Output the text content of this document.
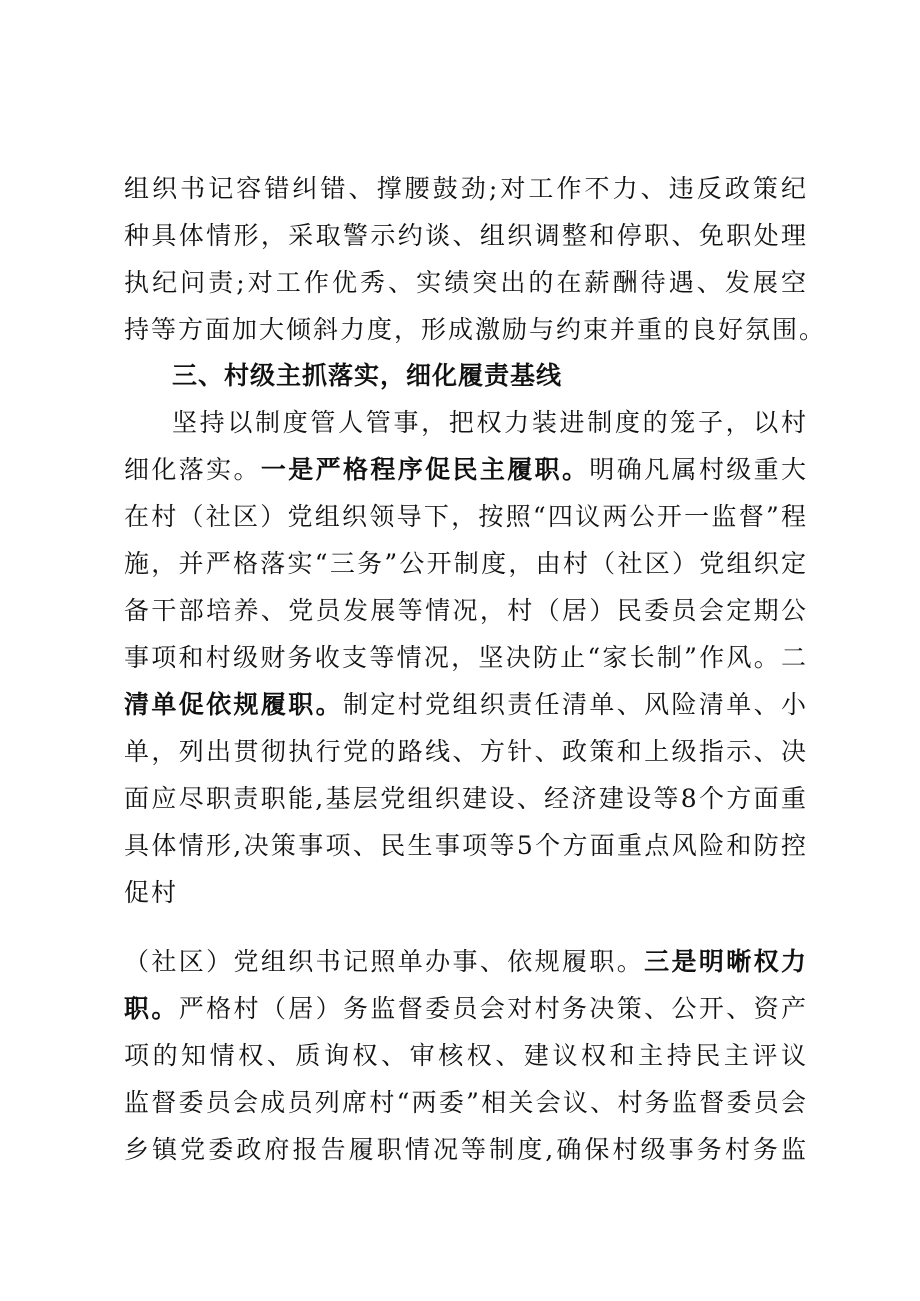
组织书记容错纠错、撑腰鼓劲;对工作不力、违反政策纪
种具体情形，采取警示约谈、组织调整和停职、免职处理
执纪问责;对工作优秀、实绩突出的在薪酬待遇、发展空
持等方面加大倾斜力度，形成激励与约束并重的良好氛围。
三、村级主抓落实，细化履责基线
坚持以制度管人管事，把权力装进制度的笼子，以村
细化落实。一是严格程序促民主履职。明确凡属村级重大
在村（社区）党组织领导下，按照“四议两公开一监督”程
施，并严格落实“三务”公开制度，由村（社区）党组织定
备干部培养、党员发展等情况，村（居）民委员会定期公
事项和村级财务收支等情况，坚决防止“家长制”作风。二
清单促依规履职。制定村党组织责任清单、风险清单、小
单，列出贯彻执行党的路线、方针、政策和上级指示、决
面应尽职责职能,基层党组织建设、经济建设等8个方面重
具体情形,决策事项、民生事项等5个方面重点风险和防控
促村
（社区）党组织书记照单办事、依规履职。三是明晰权力
职。严格村（居）务监督委员会对村务决策、公开、资产
项的知情权、质询权、审核权、建议权和主持民主评议
监督委员会成员列席村“两委”相关会议、村务监督委员会
乡镇党委政府报告履职情况等制度,确保村级事务村务监
